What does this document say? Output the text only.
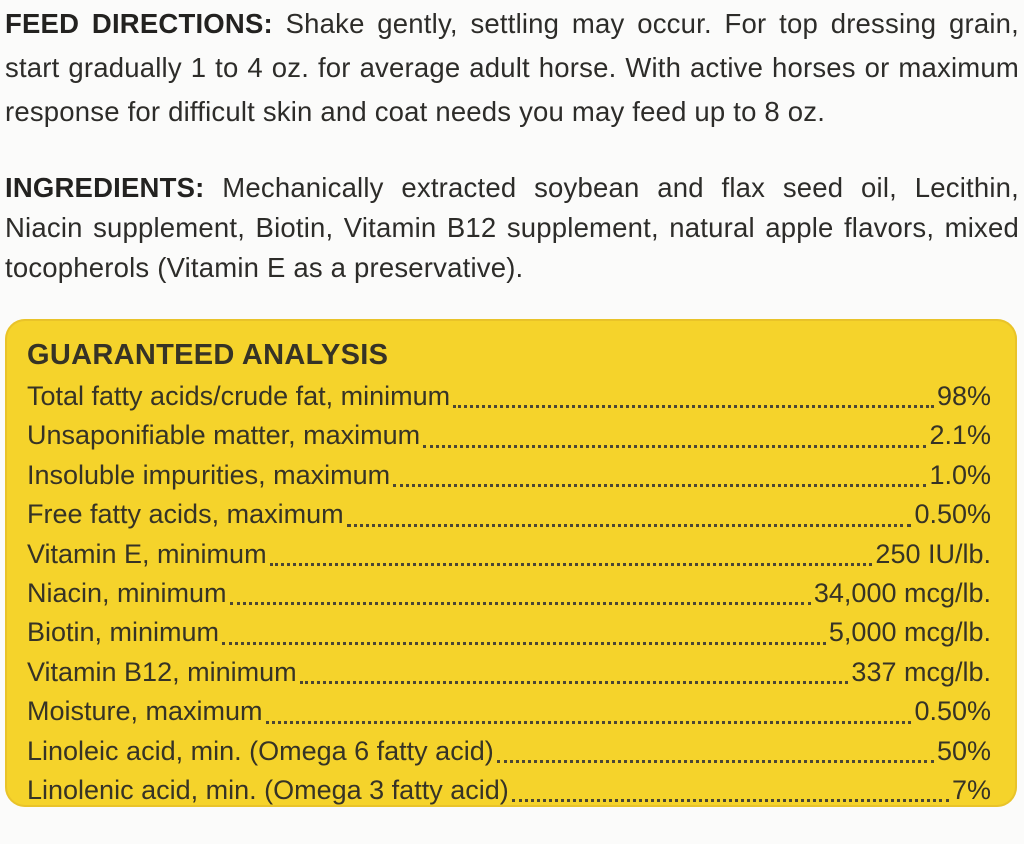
FEED DIRECTIONS: Shake gently, settling may occur. For top dressing grain, start gradually 1 to 4 oz. for average adult horse. With active horses or maximum response for difficult skin and coat needs you may feed up to 8 oz.

INGREDIENTS: Mechanically extracted soybean and flax seed oil, Lecithin, Niacin supplement, Biotin, Vitamin B12 supplement, natural apple flavors, mixed tocopherols (Vitamin E as a preservative).

GUARANTEED ANALYSIS
Total fatty acids/crude fat, minimum	98%
Unsaponifiable matter, maximum	2.1%
Insoluble impurities, maximum	1.0%
Free fatty acids, maximum	0.50%
Vitamin E, minimum	250 IU/lb.
Niacin, minimum	34,000 mcg/lb.
Biotin, minimum	5,000 mcg/lb.
Vitamin B12, minimum	337 mcg/lb.
Moisture, maximum	0.50%
Linoleic acid, min. (Omega 6 fatty acid)	50%
Linolenic acid, min. (Omega 3 fatty acid)	7%
